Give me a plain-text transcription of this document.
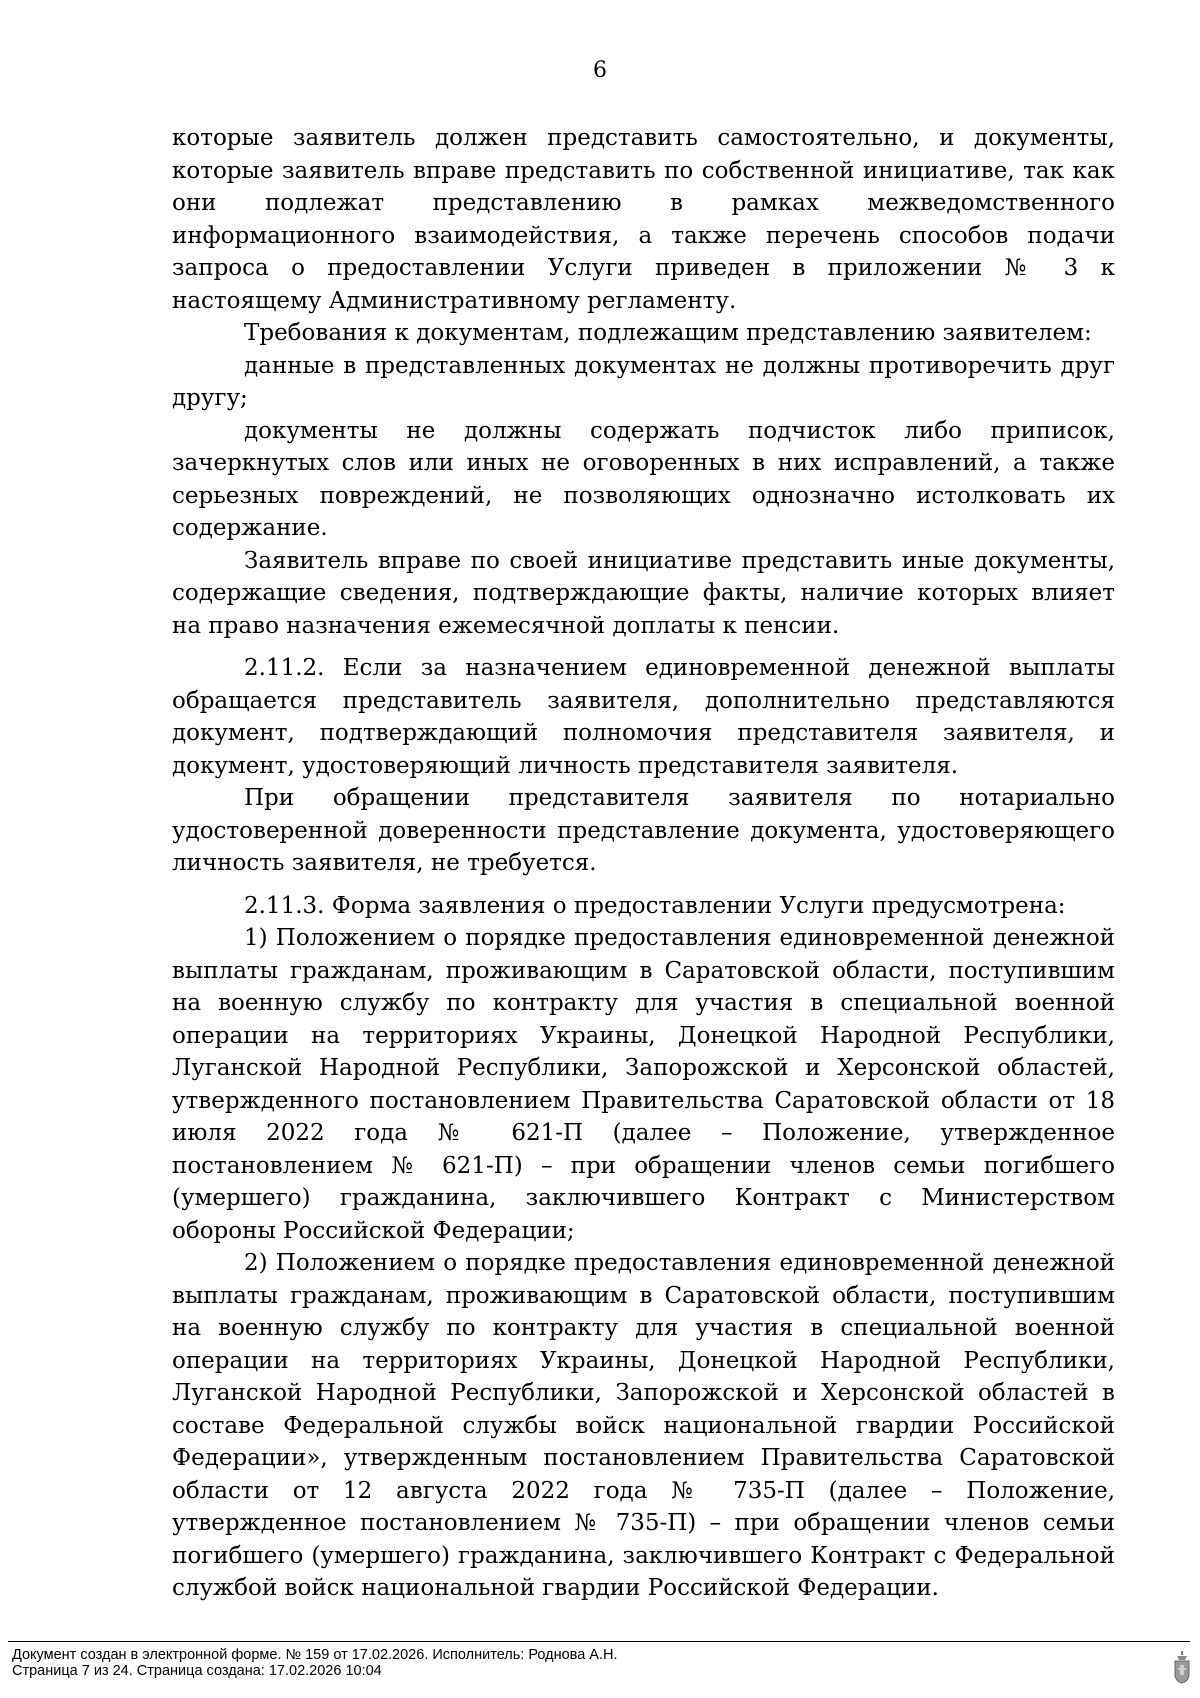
6

которые заявитель должен представить самостоятельно, и документы, которые заявитель вправе представить по собственной инициативе, так как они подлежат представлению в рамках межведомственного информационного взаимодействия, а также перечень способов подачи запроса о предоставлении Услуги приведен в приложении № 3 к настоящему Административному регламенту.

Требования к документам, подлежащим представлению заявителем:

данные в представленных документах не должны противоречить друг другу;

документы не должны содержать подчисток либо приписок, зачеркнутых слов или иных не оговоренных в них исправлений, а также серьезных повреждений, не позволяющих однозначно истолковать их содержание.

Заявитель вправе по своей инициативе представить иные документы, содержащие сведения, подтверждающие факты, наличие которых влияет на право назначения ежемесячной доплаты к пенсии.

2.11.2. Если за назначением единовременной денежной выплаты обращается представитель заявителя, дополнительно представляются документ, подтверждающий полномочия представителя заявителя, и документ, удостоверяющий личность представителя заявителя.

При обращении представителя заявителя по нотариально удостоверенной доверенности представление документа, удостоверяющего личность заявителя, не требуется.

2.11.3. Форма заявления о предоставлении Услуги предусмотрена:

1) Положением о порядке предоставления единовременной денежной выплаты гражданам, проживающим в Саратовской области, поступившим на военную службу по контракту для участия в специальной военной операции на территориях Украины, Донецкой Народной Республики, Луганской Народной Республики, Запорожской и Херсонской областей, утвержденного постановлением Правительства Саратовской области от 18 июля 2022 года № 621-П (далее – Положение, утвержденное постановлением № 621-П) – при обращении членов семьи погибшего (умершего) гражданина, заключившего Контракт с Министерством обороны Российской Федерации;

2) Положением о порядке предоставления единовременной денежной выплаты гражданам, проживающим в Саратовской области, поступившим на военную службу по контракту для участия в специальной военной операции на территориях Украины, Донецкой Народной Республики, Луганской Народной Республики, Запорожской и Херсонской областей в составе Федеральной службы войск национальной гвардии Российской Федерации», утвержденным постановлением Правительства Саратовской области от 12 августа 2022 года № 735-П (далее – Положение, утвержденное постановлением № 735-П) – при обращении членов семьи погибшего (умершего) гражданина, заключившего Контракт с Федеральной службой войск национальной гвардии Российской Федерации.

Документ создан в электронной форме. № 159 от 17.02.2026. Исполнитель: Роднова А.Н.
Страница 7 из 24. Страница создана: 17.02.2026 10:04
